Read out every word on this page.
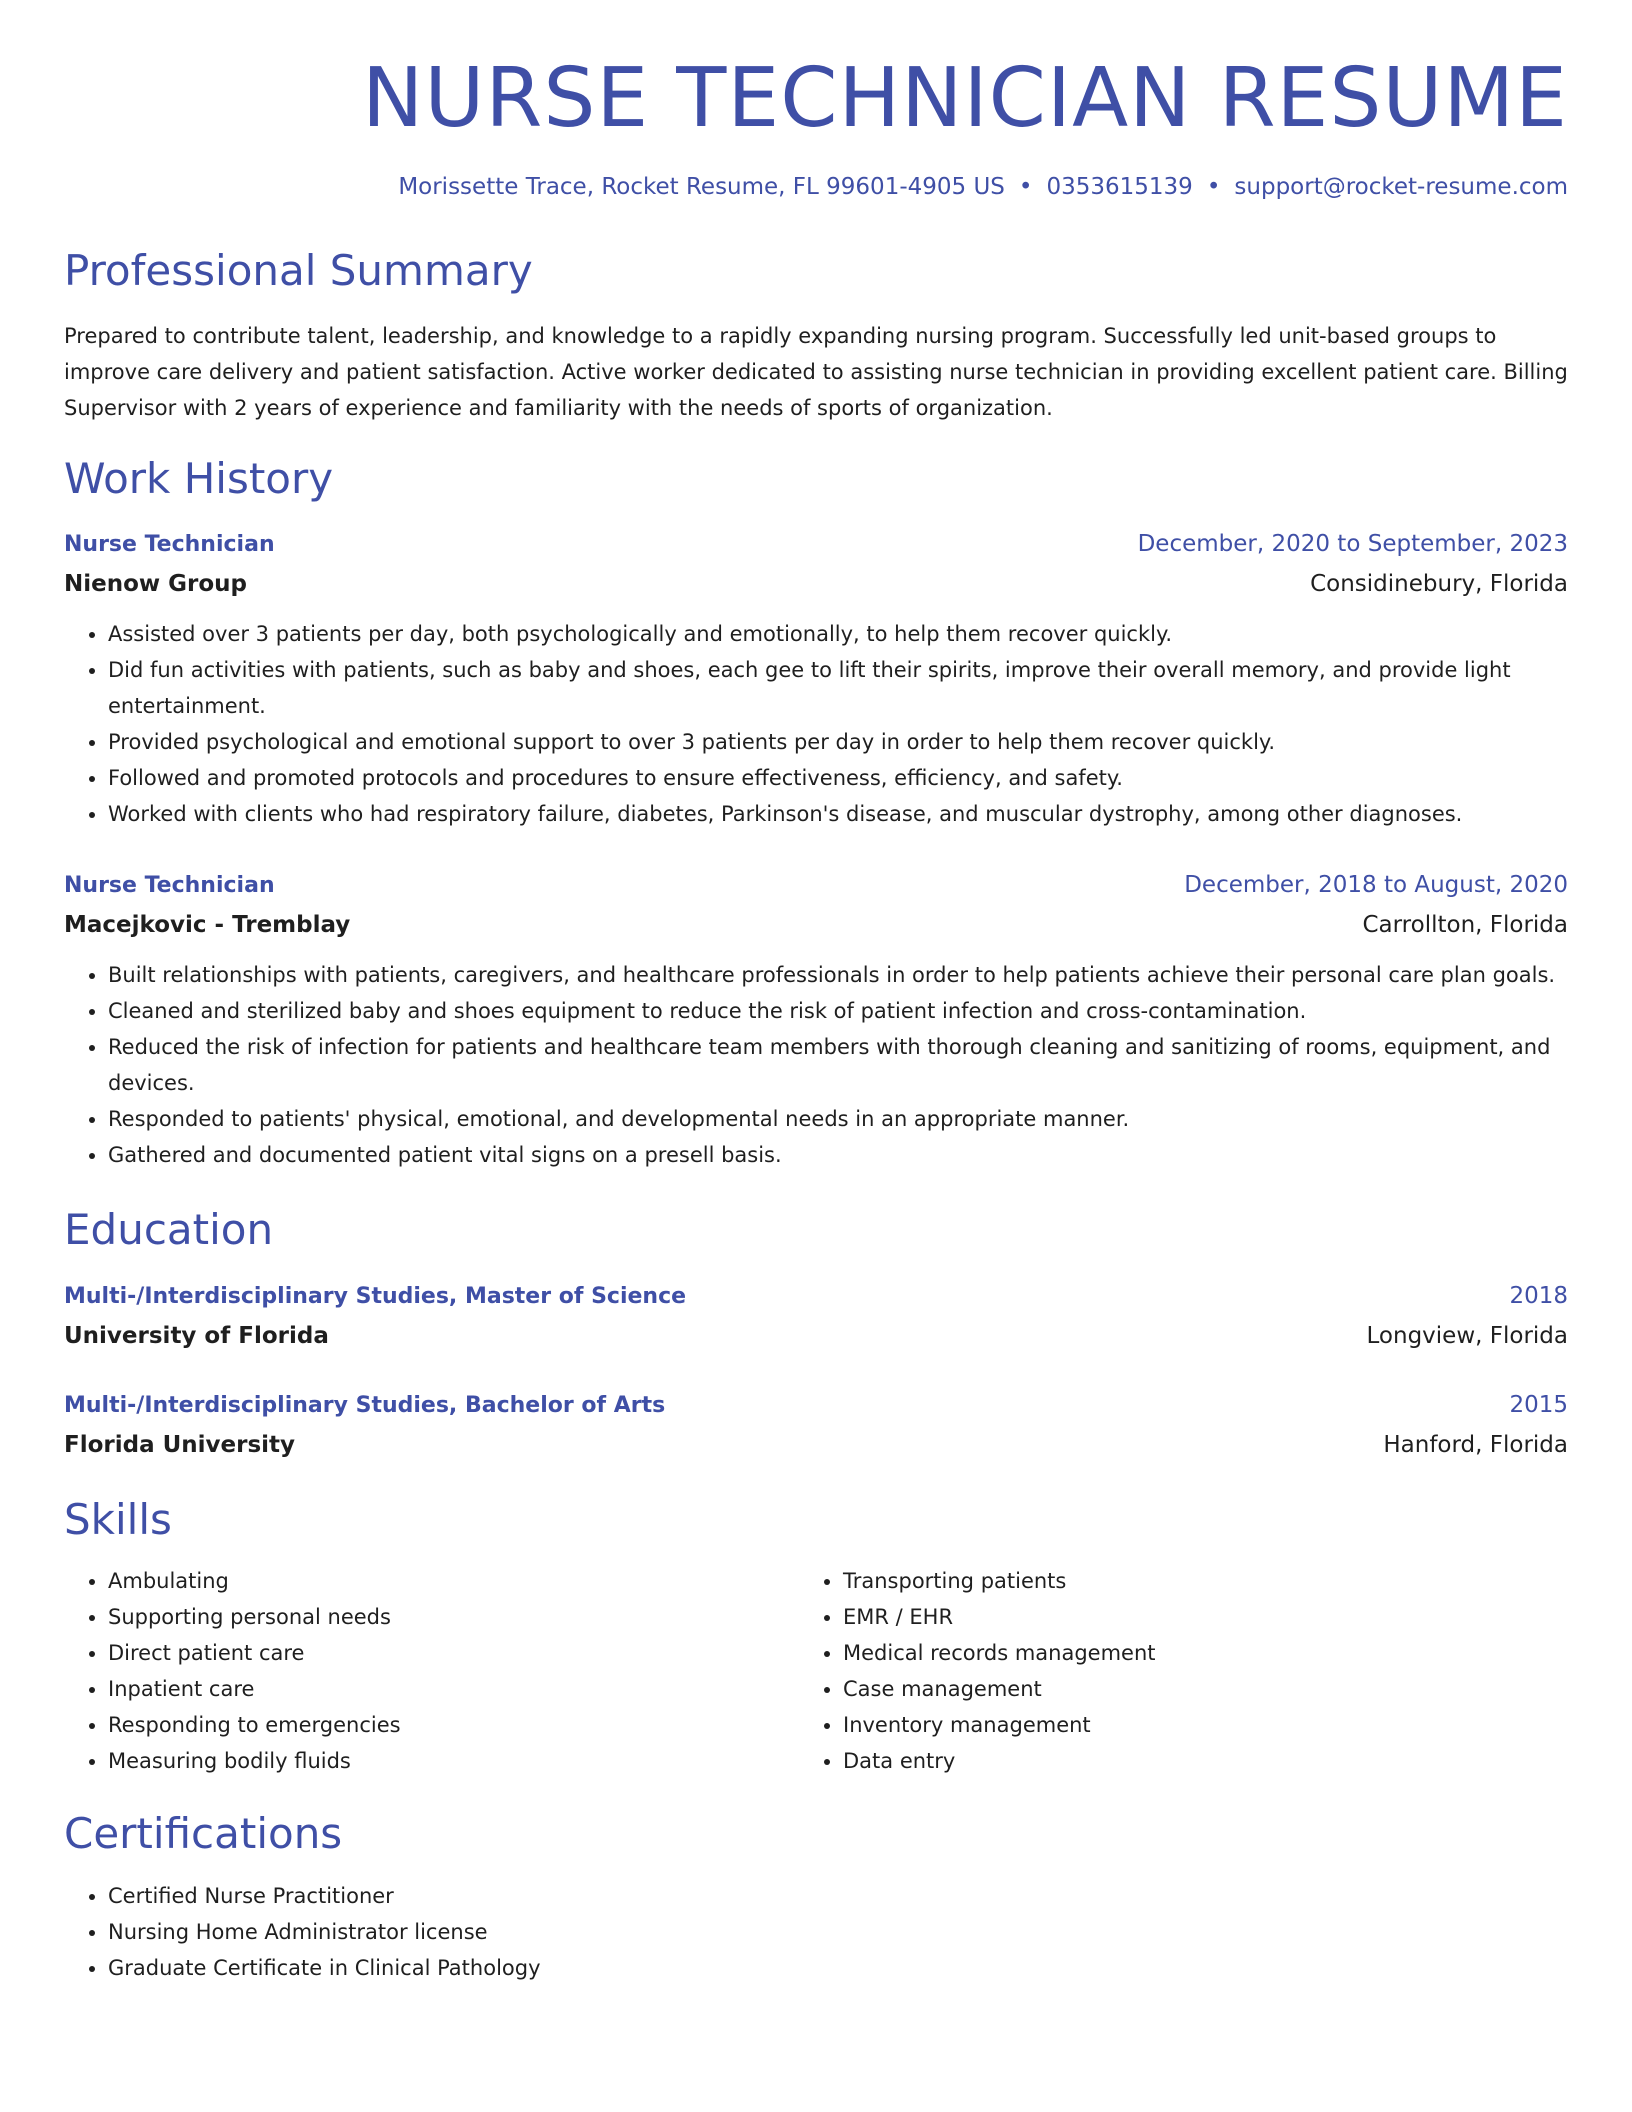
NURSE TECHNICIAN RESUME
Morissette Trace, Rocket Resume, FL 99601-4905 US • 0353615139 • support@rocket-resume.com
Professional Summary

Prepared to contribute talent, leadership, and knowledge to a rapidly expanding nursing program. Successfully led unit-based groups to improve care delivery and patient satisfaction. Active worker dedicated to assisting nurse technician in providing excellent patient care. Billing Supervisor with 2 years of experience and familiarity with the needs of sports of organization.

Work History
Nurse Technician	December, 2020 to September, 2023
Nienow Group	Considinebury, Florida
• Assisted over 3 patients per day, both psychologically and emotionally, to help them recover quickly.
• Did fun activities with patients, such as baby and shoes, each gee to lift their spirits, improve their overall memory, and provide light entertainment.
• Provided psychological and emotional support to over 3 patients per day in order to help them recover quickly.
• Followed and promoted protocols and procedures to ensure effectiveness, efficiency, and safety.
• Worked with clients who had respiratory failure, diabetes, Parkinson's disease, and muscular dystrophy, among other diagnoses.
Nurse Technician	December, 2018 to August, 2020
Macejkovic - Tremblay	Carrollton, Florida
• Built relationships with patients, caregivers, and healthcare professionals in order to help patients achieve their personal care plan goals.
• Cleaned and sterilized baby and shoes equipment to reduce the risk of patient infection and cross-contamination.
• Reduced the risk of infection for patients and healthcare team members with thorough cleaning and sanitizing of rooms, equipment, and devices.
• Responded to patients' physical, emotional, and developmental needs in an appropriate manner.
• Gathered and documented patient vital signs on a presell basis.
Education
Multi-/Interdisciplinary Studies, Master of Science	2018
University of Florida	Longview, Florida
Multi-/Interdisciplinary Studies, Bachelor of Arts	2015
Florida University	Hanford, Florida
Skills
• Ambulating
• Supporting personal needs
• Direct patient care
• Inpatient care
• Responding to emergencies
• Measuring bodily fluids
• Transporting patients
• EMR / EHR
• Medical records management
• Case management
• Inventory management
• Data entry
Certifications
• Certified Nurse Practitioner
• Nursing Home Administrator license
• Graduate Certificate in Clinical Pathology
